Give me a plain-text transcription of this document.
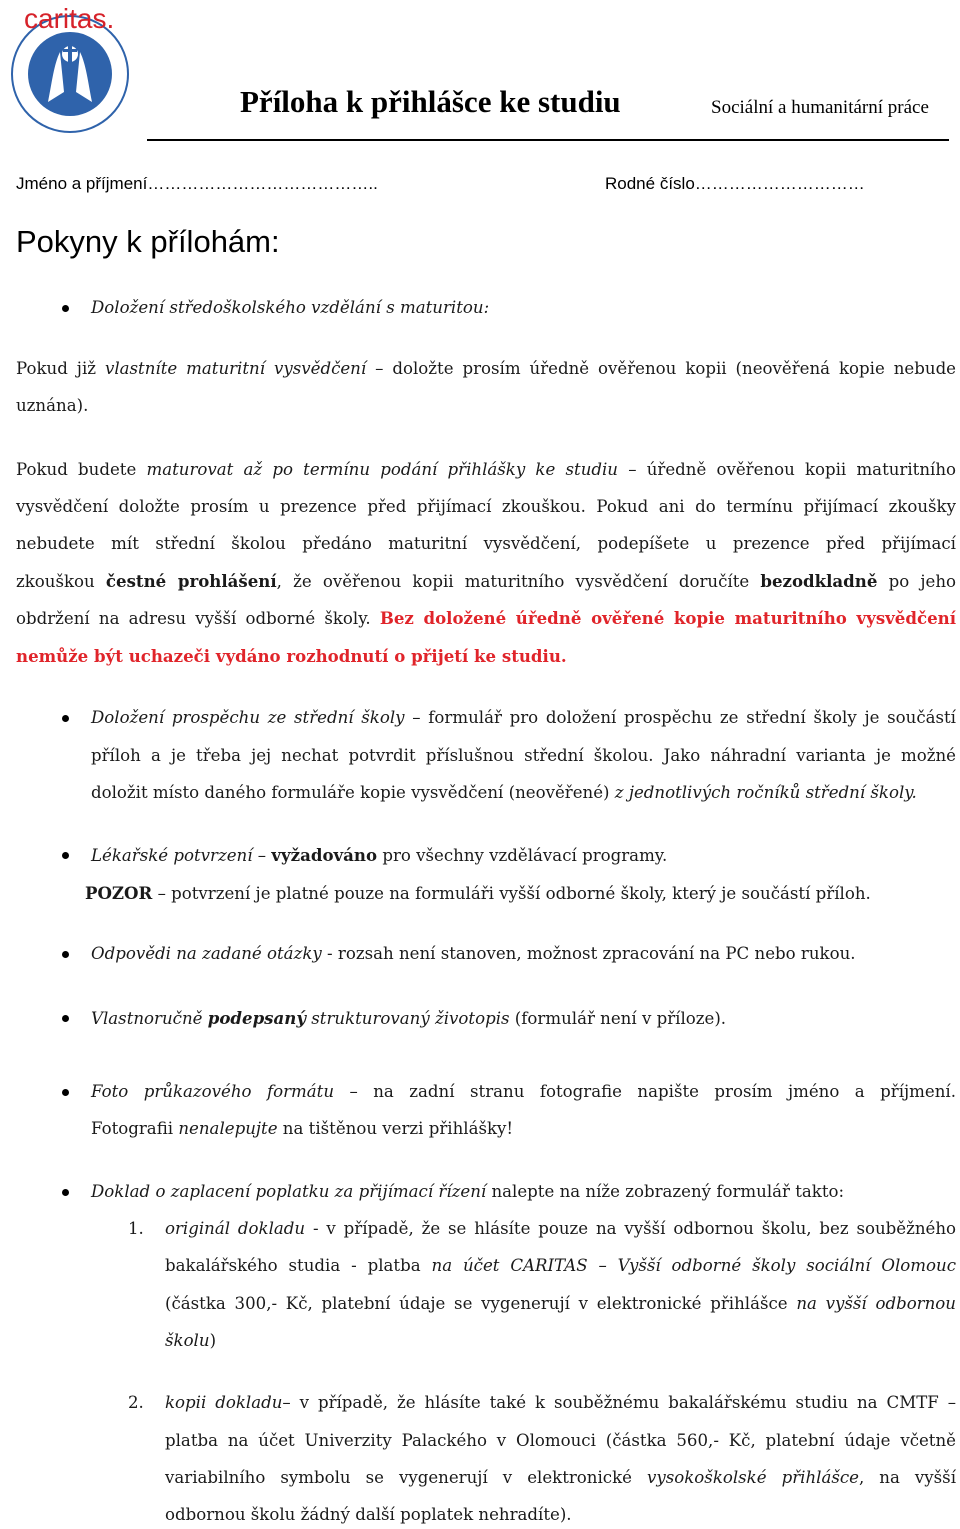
caritas.
Příloha k přihlášce ke studiu	Sociální a humanitární práce
Jméno a příjmení…………………………………..	Rodné číslo…………………………
Pokyny k přílohám:

Doložení středoškolského vzdělání s maturitou:

Pokud již vlastníte maturitní vysvědčení – doložte prosím úředně ověřenou kopii (neověřená kopie nebude

uznána).

Pokud budete maturovat až po termínu podání přihlášky ke studiu – úředně ověřenou kopii maturitního

vysvědčení doložte prosím u prezence před přijímací zkouškou. Pokud ani do termínu přijímací zkoušky

nebudete mít střední školou předáno maturitní vysvědčení, podepíšete u prezence před přijímací

zkouškou čestné prohlášení, že ověřenou kopii maturitního vysvědčení doručíte bezodkladně po jeho

obdržení na adresu vyšší odborné školy. Bez doložené úředně ověřené kopie maturitního vysvědčení

nemůže být uchazeči vydáno rozhodnutí o přijetí ke studiu.

Doložení prospěchu ze střední školy – formulář pro doložení prospěchu ze střední školy je součástí

příloh a je třeba jej nechat potvrdit příslušnou střední školou. Jako náhradní varianta je možné

doložit místo daného formuláře kopie vysvědčení (neověřené) z jednotlivých ročníků střední školy.

Lékařské potvrzení – vyžadováno pro všechny vzdělávací programy.

POZOR – potvrzení je platné pouze na formuláři vyšší odborné školy, který je součástí příloh.

Odpovědi na zadané otázky - rozsah není stanoven, možnost zpracování na PC nebo rukou.

Vlastnoručně podepsaný strukturovaný životopis (formulář není v příloze).

Foto průkazového formátu – na zadní stranu fotografie napište prosím jméno a příjmení.

Fotografii nenalepujte na tištěnou verzi přihlášky!

Doklad o zaplacení poplatku za přijímací řízení nalepte na níže zobrazený formulář takto:

1. originál dokladu - v případě, že se hlásíte pouze na vyšší odbornou školu, bez souběžného

bakalářského studia - platba na účet CARITAS – Vyšší odborné školy sociální Olomouc

(částka 300,- Kč, platební údaje se vygenerují v elektronické přihlášce na vyšší odbornou

školu)

2. kopii dokladu– v případě, že hlásíte také k souběžnému bakalářskému studiu na CMTF –

platba na účet Univerzity Palackého v Olomouci (částka 560,- Kč, platební údaje včetně

variabilního symbolu se vygenerují v elektronické vysokoškolské přihlášce, na vyšší

odbornou školu žádný další poplatek nehradíte).
